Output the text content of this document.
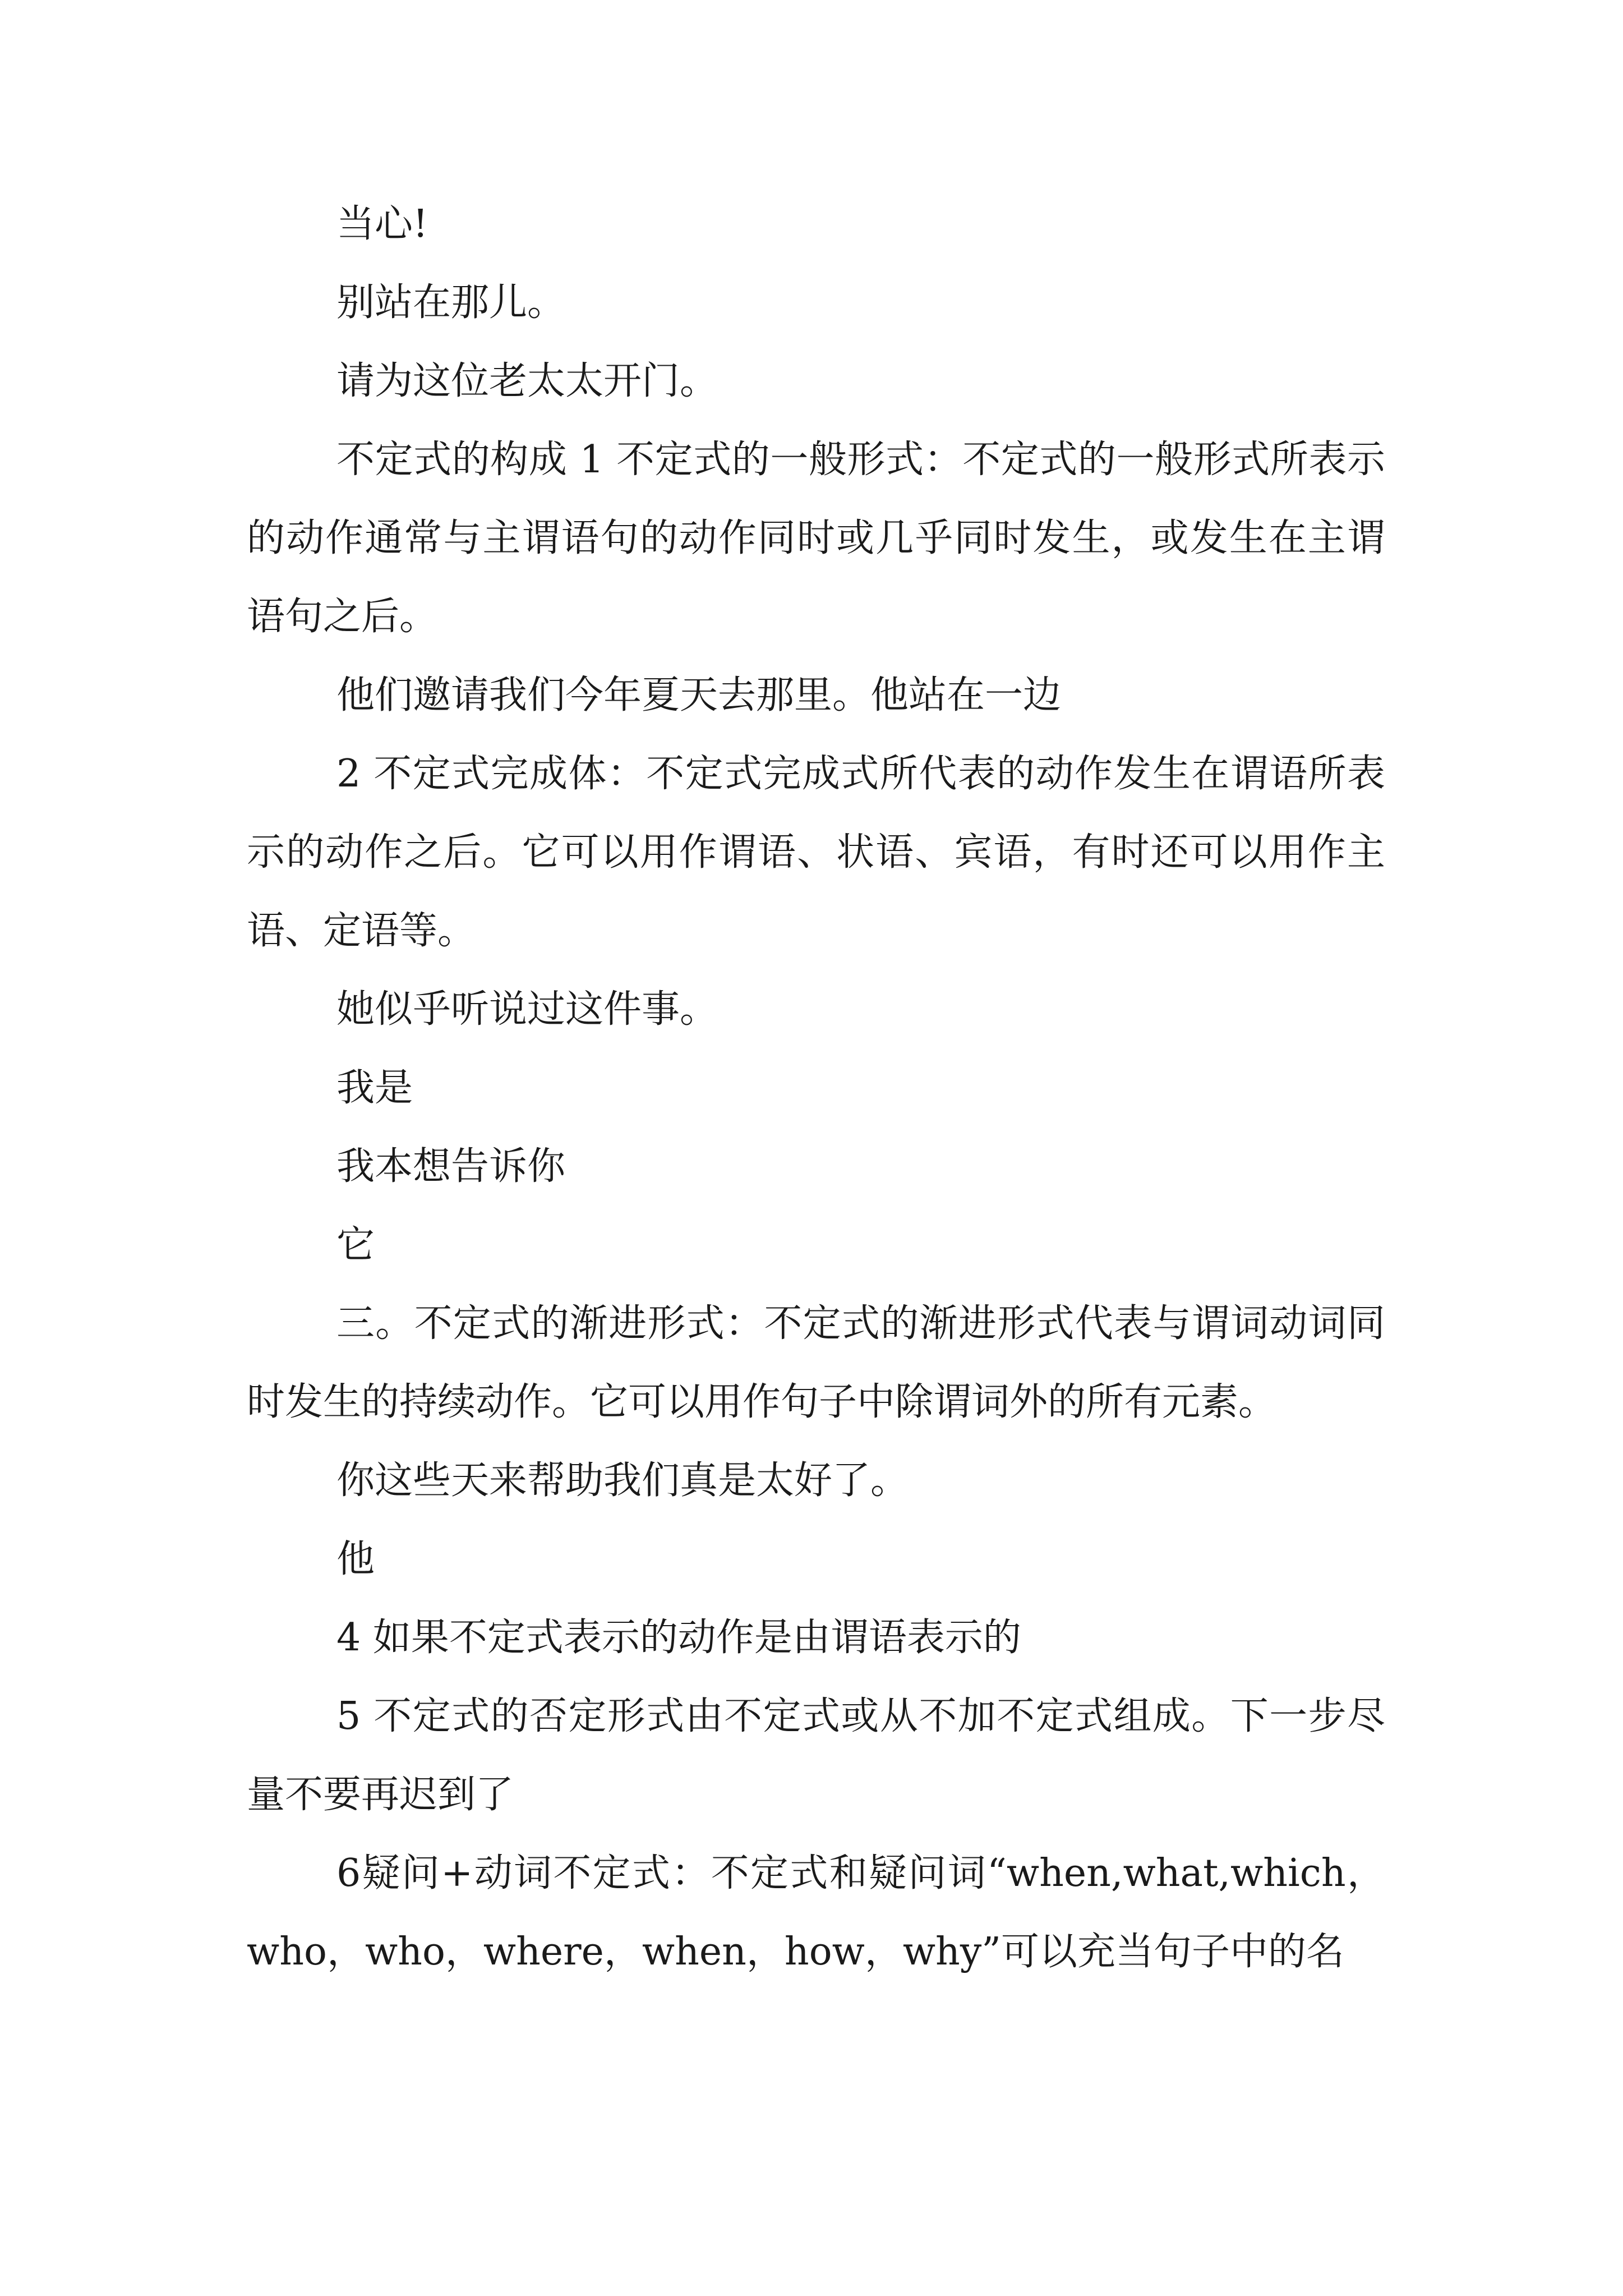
当心!

别站在那儿。

请为这位老太太开门。

不定式的构成 1 不定式的一般形式：不定式的一般形式所表示的动作通常与主谓语句的动作同时或几乎同时发生，或发生在主谓语句之后。

他们邀请我们今年夏天去那里。他站在一边

2 不定式完成体：不定式完成式所代表的动作发生在谓语所表示的动作之后。它可以用作谓语、状语、宾语，有时还可以用作主语、定语等。

她似乎听说过这件事。

我是

我本想告诉你

它

三。不定式的渐进形式：不定式的渐进形式代表与谓词动词同时发生的持续动作。它可以用作句子中除谓词外的所有元素。

你这些天来帮助我们真是太好了。

他

4 如果不定式表示的动作是由谓语表示的

5 不定式的否定形式由不定式或从不加不定式组成。下一步尽量不要再迟到了

6疑问+动词不定式：不定式和疑问词“when,what,which，who，who，where，when，how，why”可以充当句子中的名
